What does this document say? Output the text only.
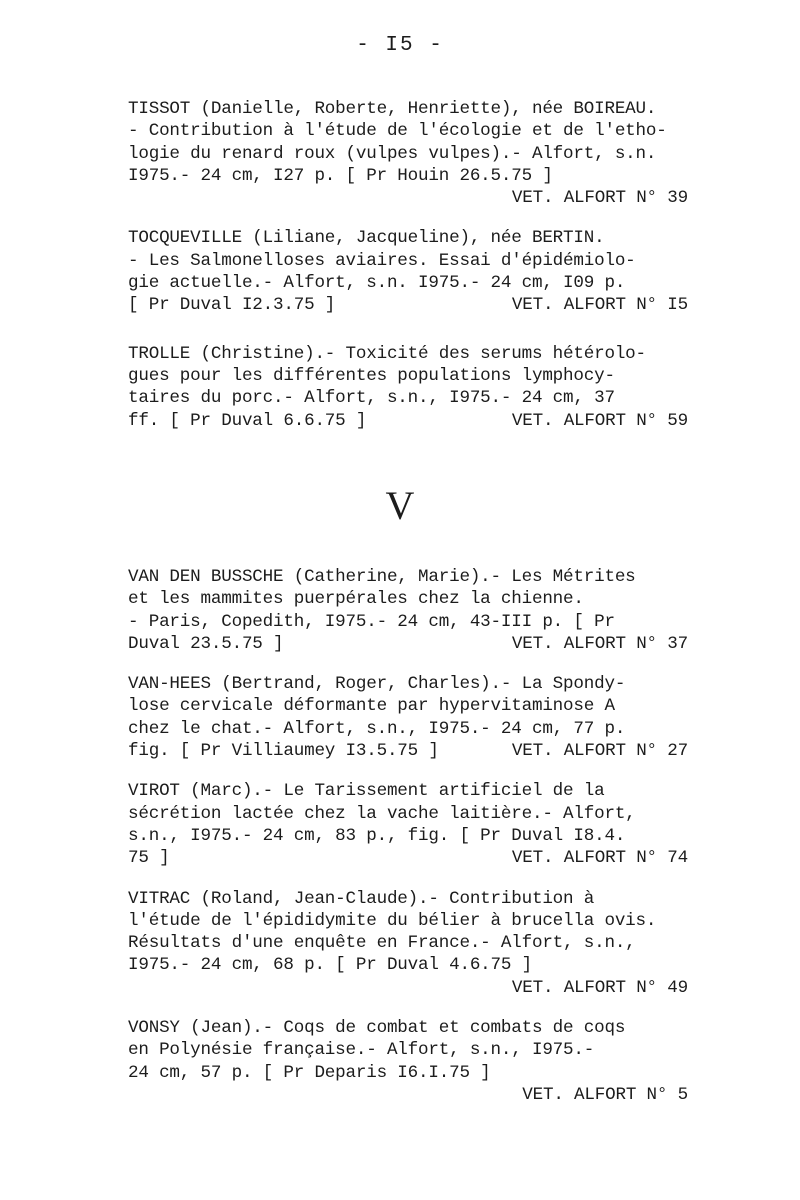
- I5 -
TISSOT (Danielle, Roberte, Henriette), née BOIREAU.
- Contribution à l'étude de l'écologie et de l'etho-
logie du renard roux (vulpes vulpes).- Alfort, s.n.
I975.- 24 cm, I27 p. [ Pr Houin 26.5.75 ]
VET. ALFORT N° 39
TOCQUEVILLE (Liliane, Jacqueline), née BERTIN.
- Les Salmonelloses aviaires. Essai d'épidémiolo-
gie actuelle.- Alfort, s.n. I975.- 24 cm, I09 p.
[ Pr Duval I2.3.75 ]	VET. ALFORT N° I5
TROLLE (Christine).- Toxicité des serums hétérolo-
gues pour les différentes populations lymphocy-
taires du porc.- Alfort, s.n., I975.- 24 cm, 37
ff. [ Pr Duval 6.6.75 ]	VET. ALFORT N° 59
V
VAN DEN BUSSCHE (Catherine, Marie).- Les Métrites
et les mammites puerpérales chez la chienne.
- Paris, Copedith, I975.- 24 cm, 43-III p. [ Pr
Duval 23.5.75 ]	VET. ALFORT N° 37
VAN-HEES (Bertrand, Roger, Charles).- La Spondy-
lose cervicale déformante par hypervitaminose A
chez le chat.- Alfort, s.n., I975.- 24 cm, 77 p.
fig. [ Pr Villiaumey I3.5.75 ]	VET. ALFORT N° 27
VIROT (Marc).- Le Tarissement artificiel de la
sécrétion lactée chez la vache laitière.- Alfort,
s.n., I975.- 24 cm, 83 p., fig. [ Pr Duval I8.4.
75 ]	VET. ALFORT N° 74
VITRAC (Roland, Jean-Claude).- Contribution à
l'étude de l'épididymite du bélier à brucella ovis.
Résultats d'une enquête en France.- Alfort, s.n.,
I975.- 24 cm, 68 p. [ Pr Duval 4.6.75 ]
VET. ALFORT N° 49
VONSY (Jean).- Coqs de combat et combats de coqs
en Polynésie française.- Alfort, s.n., I975.-
24 cm, 57 p. [ Pr Deparis I6.I.75 ]
VET. ALFORT N° 5
